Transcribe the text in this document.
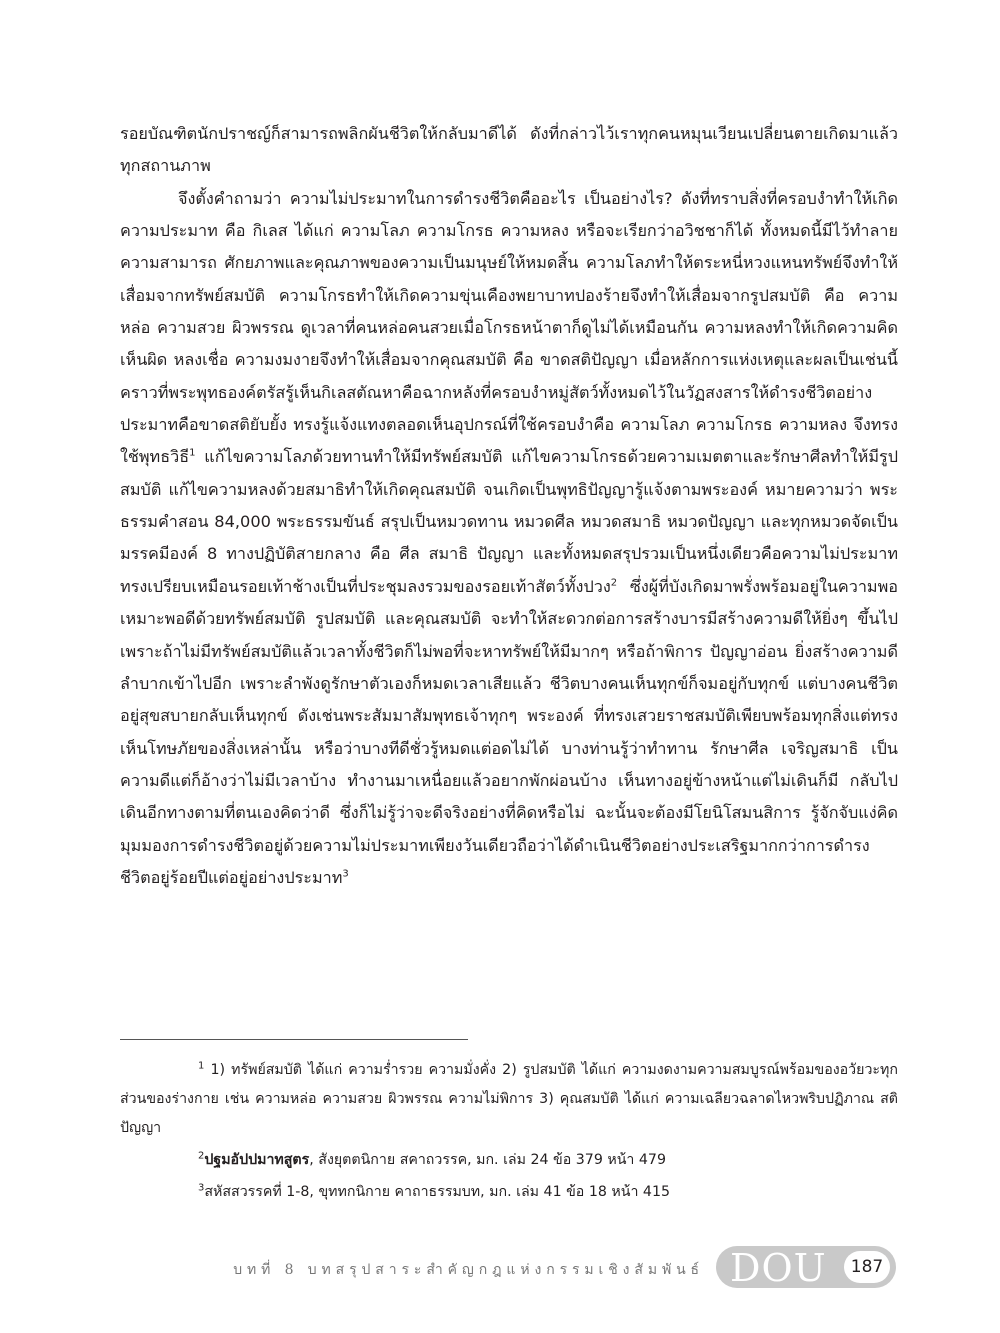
รอยบัณฑิตนักปราชญ์ก็สามารถพลิกผันชีวิตให้กลับมาดีได้ ดังที่กล่าวไว้เราทุกคนหมุนเวียนเปลี่ยนตายเกิดมาแล้วทุกสถานภาพ

จึงตั้งคำถามว่า ความไม่ประมาทในการดำรงชีวิตคืออะไร เป็นอย่างไร? ดังที่ทราบสิ่งที่ครอบงำทำให้เกิดความประมาท คือ กิเลส ได้แก่ ความโลภ ความโกรธ ความหลง หรือจะเรียกว่าอวิชชาก็ได้ ทั้งหมดนี้มีไว้ทำลายความสามารถ ศักยภาพและคุณภาพของความเป็นมนุษย์ให้หมดสิ้น ความโลภทำให้ตระหนี่หวงแหนทรัพย์จึงทำให้เสื่อมจากทรัพย์สมบัติ ความโกรธทำให้เกิดความขุ่นเคืองพยาบาทปองร้ายจึงทำให้เสื่อมจากรูปสมบัติ คือ ความหล่อ ความสวย ผิวพรรณ ดูเวลาที่คนหล่อคนสวยเมื่อโกรธหน้าตาก็ดูไม่ได้เหมือนกัน ความหลงทำให้เกิดความคิดเห็นผิด หลงเชื่อ ความงมงายจึงทำให้เสื่อมจากคุณสมบัติ คือ ขาดสติปัญญา เมื่อหลักการแห่งเหตุและผลเป็นเช่นนี้ คราวที่พระพุทธองค์ตรัสรู้เห็นกิเลสตัณหาคือฉากหลังที่ครอบงำหมู่สัตว์ทั้งหมดไว้ในวัฏสงสารให้ดำรงชีวิตอย่างประมาทคือขาดสติยับยั้ง ทรงรู้แจ้งแทงตลอดเห็นอุปกรณ์ที่ใช้ครอบงำคือ ความโลภ ความโกรธ ความหลง จึงทรงใช้พุทธวิธี$^1$ แก้ไขความโลภด้วยทานทำให้มีทรัพย์สมบัติ แก้ไขความโกรธด้วยความเมตตาและรักษาศีลทำให้มีรูปสมบัติ แก้ไขความหลงด้วยสมาธิทำให้เกิดคุณสมบัติ จนเกิดเป็นพุทธิปัญญารู้แจ้งตามพระองค์ หมายความว่า พระธรรมคำสอน 84,000 พระธรรมขันธ์ สรุปเป็นหมวดทาน หมวดศีล หมวดสมาธิ หมวดปัญญา และทุกหมวดจัดเป็นมรรคมีองค์ 8 ทางปฏิบัติสายกลาง คือ ศีล สมาธิ ปัญญา และทั้งหมดสรุปรวมเป็นหนึ่งเดียวคือความไม่ประมาท ทรงเปรียบเหมือนรอยเท้าช้างเป็นที่ประชุมลงรวมของรอยเท้าสัตว์ทั้งปวง$^2$ ซึ่งผู้ที่บังเกิดมาพรั่งพร้อมอยู่ในความพอเหมาะพอดีด้วยทรัพย์สมบัติ รูปสมบัติ และคุณสมบัติ จะทำให้สะดวกต่อการสร้างบารมีสร้างความดีให้ยิ่งๆ ขึ้นไป เพราะถ้าไม่มีทรัพย์สมบัติแล้วเวลาทั้งชีวิตก็ไม่พอที่จะหาทรัพย์ให้มีมากๆ หรือถ้าพิการ ปัญญาอ่อน ยิ่งสร้างความดีลำบากเข้าไปอีก เพราะลำพังดูรักษาตัวเองก็หมดเวลาเสียแล้ว ชีวิตบางคนเห็นทุกข์ก็จมอยู่กับทุกข์ แต่บางคนชีวิตอยู่สุขสบายกลับเห็นทุกข์ ดังเช่นพระสัมมาสัมพุทธเจ้าทุกๆ พระองค์ ที่ทรงเสวยราชสมบัติเพียบพร้อมทุกสิ่งแต่ทรงเห็นโทษภัยของสิ่งเหล่านั้น หรือว่าบางทีดีชั่วรู้หมดแต่อดไม่ได้ บางท่านรู้ว่าทำทาน รักษาศีล เจริญสมาธิ เป็นความดีแต่ก็อ้างว่าไม่มีเวลาบ้าง ทำงานมาเหนื่อยแล้วอยากพักผ่อนบ้าง เห็นทางอยู่ข้างหน้าแต่ไม่เดินก็มี กลับไปเดินอีกทางตามที่ตนเองคิดว่าดี ซึ่งก็ไม่รู้ว่าจะดีจริงอย่างที่คิดหรือไม่ ฉะนั้นจะต้องมีโยนิโสมนสิการ รู้จักจับแง่คิดมุมมองการดำรงชีวิตอยู่ด้วยความไม่ประมาทเพียงวันเดียวถือว่าได้ดำเนินชีวิตอย่างประเสริฐมากกว่าการดำรงชีวิตอยู่ร้อยปีแต่อยู่อย่างประมาท$^3$

$^1$ 1) ทรัพย์สมบัติ ได้แก่ ความร่ำรวย ความมั่งคั่ง 2) รูปสมบัติ ได้แก่ ความงดงามความสมบูรณ์พร้อมของอวัยวะทุกส่วนของร่างกาย เช่น ความหล่อ ความสวย ผิวพรรณ ความไม่พิการ 3) คุณสมบัติ ได้แก่ ความเฉลียวฉลาดไหวพริบปฏิภาณ สติปัญญา

$^2$ปฐมอัปปมาทสูตร, สังยุตตนิกาย สคาถวรรค, มก. เล่ม 24 ข้อ 379 หน้า 479

$^3$สหัสสวรรคที่ 1-8, ขุททกนิกาย คาถาธรรมบท, มก. เล่ม 41 ข้อ 18 หน้า 415

บทที่ 8 บทสรุปสาระสำคัญกฎแห่งกรรมเชิงสัมพันธ์ DOU	187
